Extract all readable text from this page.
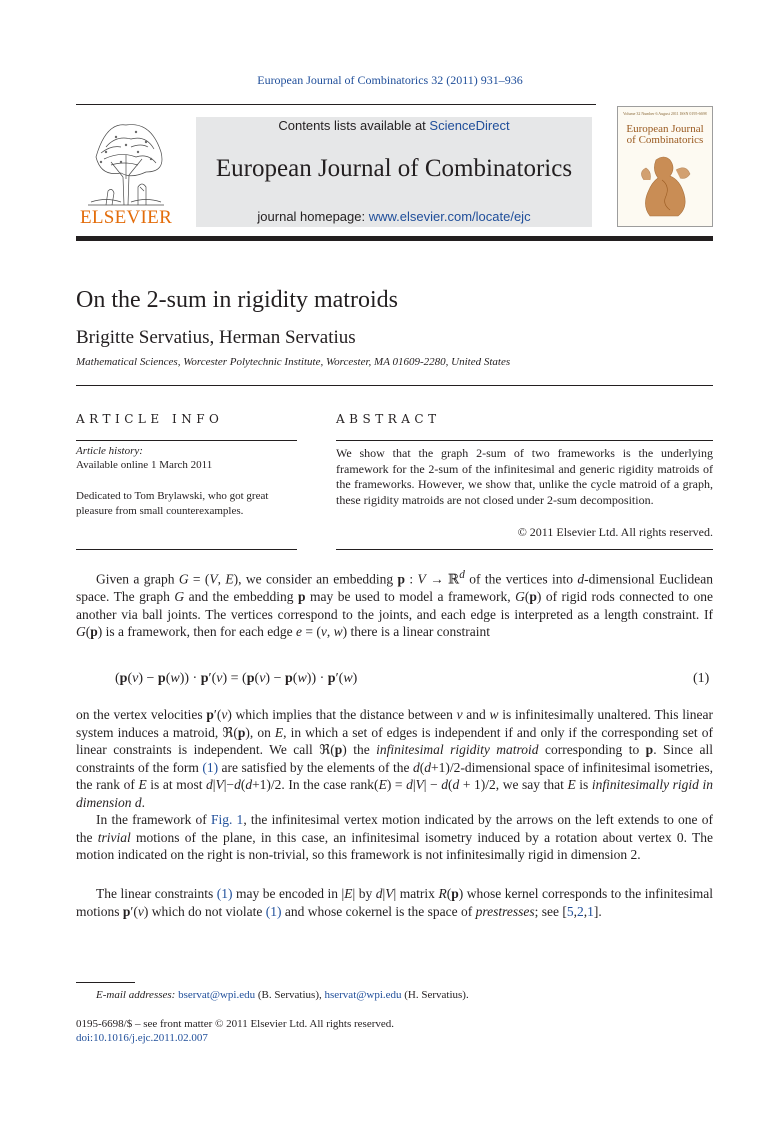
European Journal of Combinatorics 32 (2011) 931–936
ELSEVIER
Contents lists available at ScienceDirect
European Journal of Combinatorics
journal homepage: www.elsevier.com/locate/ejc
Volume 32 Number 6 August 2011 ISSN 0195-6698
European Journal
of Combinatorics
On the 2-sum in rigidity matroids
Brigitte Servatius, Herman Servatius
Mathematical Sciences, Worcester Polytechnic Institute, Worcester, MA 01609-2280, United States
ARTICLE INFO	ABSTRACT
Article history:
Available online 1 March 2011
Dedicated to Tom Brylawski, who got great pleasure from small counterexamples.
We show that the graph 2-sum of two frameworks is the underlying framework for the 2-sum of the infinitesimal and generic rigidity matroids of the frameworks. However, we show that, unlike the cycle matroid of a graph, these rigidity matroids are not closed under 2-sum decomposition.
© 2011 Elsevier Ltd. All rights reserved.
Given a graph G = (V, E), we consider an embedding p : V → ℝ$^d$ of the vertices into d-dimensional Euclidean space. The graph G and the embedding p may be used to model a framework, G(p) of rigid rods connected to one another via ball joints. The vertices correspond to the joints, and each edge is interpreted as a length constraint. If G(p) is a framework, then for each edge e = (v, w) there is a linear constraint
(p(v) − p(w)) · p′(v) = (p(v) − p(w)) · p′(w)	(1)
on the vertex velocities p′(v) which implies that the distance between v and w is infinitesimally unaltered. This linear system induces a matroid, ℜ(p), on E, in which a set of edges is independent if and only if the corresponding set of linear constraints is independent. We call ℜ(p) the infinitesimal rigidity matroid corresponding to p. Since all constraints of the form (1) are satisfied by the elements of the d(d+1)/2-dimensional space of infinitesimal isometries, the rank of E is at most d|V|−d(d+1)/2. In the case rank(E) = d|V| − d(d + 1)/2, we say that E is infinitesimally rigid in dimension d.
In the framework of Fig. 1, the infinitesimal vertex motion indicated by the arrows on the left extends to one of the trivial motions of the plane, in this case, an infinitesimal isometry induced by a rotation about vertex 0. The motion indicated on the right is non-trivial, so this framework is not infinitesimally rigid in dimension 2.
The linear constraints (1) may be encoded in |E| by d|V| matrix R(p) whose kernel corresponds to the infinitesimal motions p′(v) which do not violate (1) and whose cokernel is the space of prestresses; see [5,2,1].
E-mail addresses: bservat@wpi.edu (B. Servatius), hservat@wpi.edu (H. Servatius).
0195-6698/$ – see front matter © 2011 Elsevier Ltd. All rights reserved.
doi:10.1016/j.ejc.2011.02.007
